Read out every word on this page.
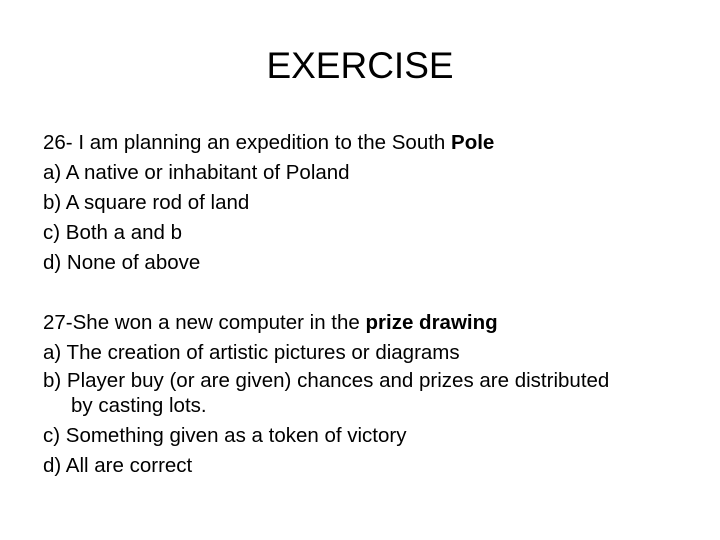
EXERCISE

26- I am planning an expedition to the South Pole

a) A native or inhabitant of Poland

b) A square rod of land

c) Both a and b

d) None of above

27-She won a new computer in the prize drawing

a) The creation of artistic pictures or diagrams

b) Player buy (or are given) chances and prizes are distributed

by casting lots.

c) Something given as a token of victory

d) All are correct
